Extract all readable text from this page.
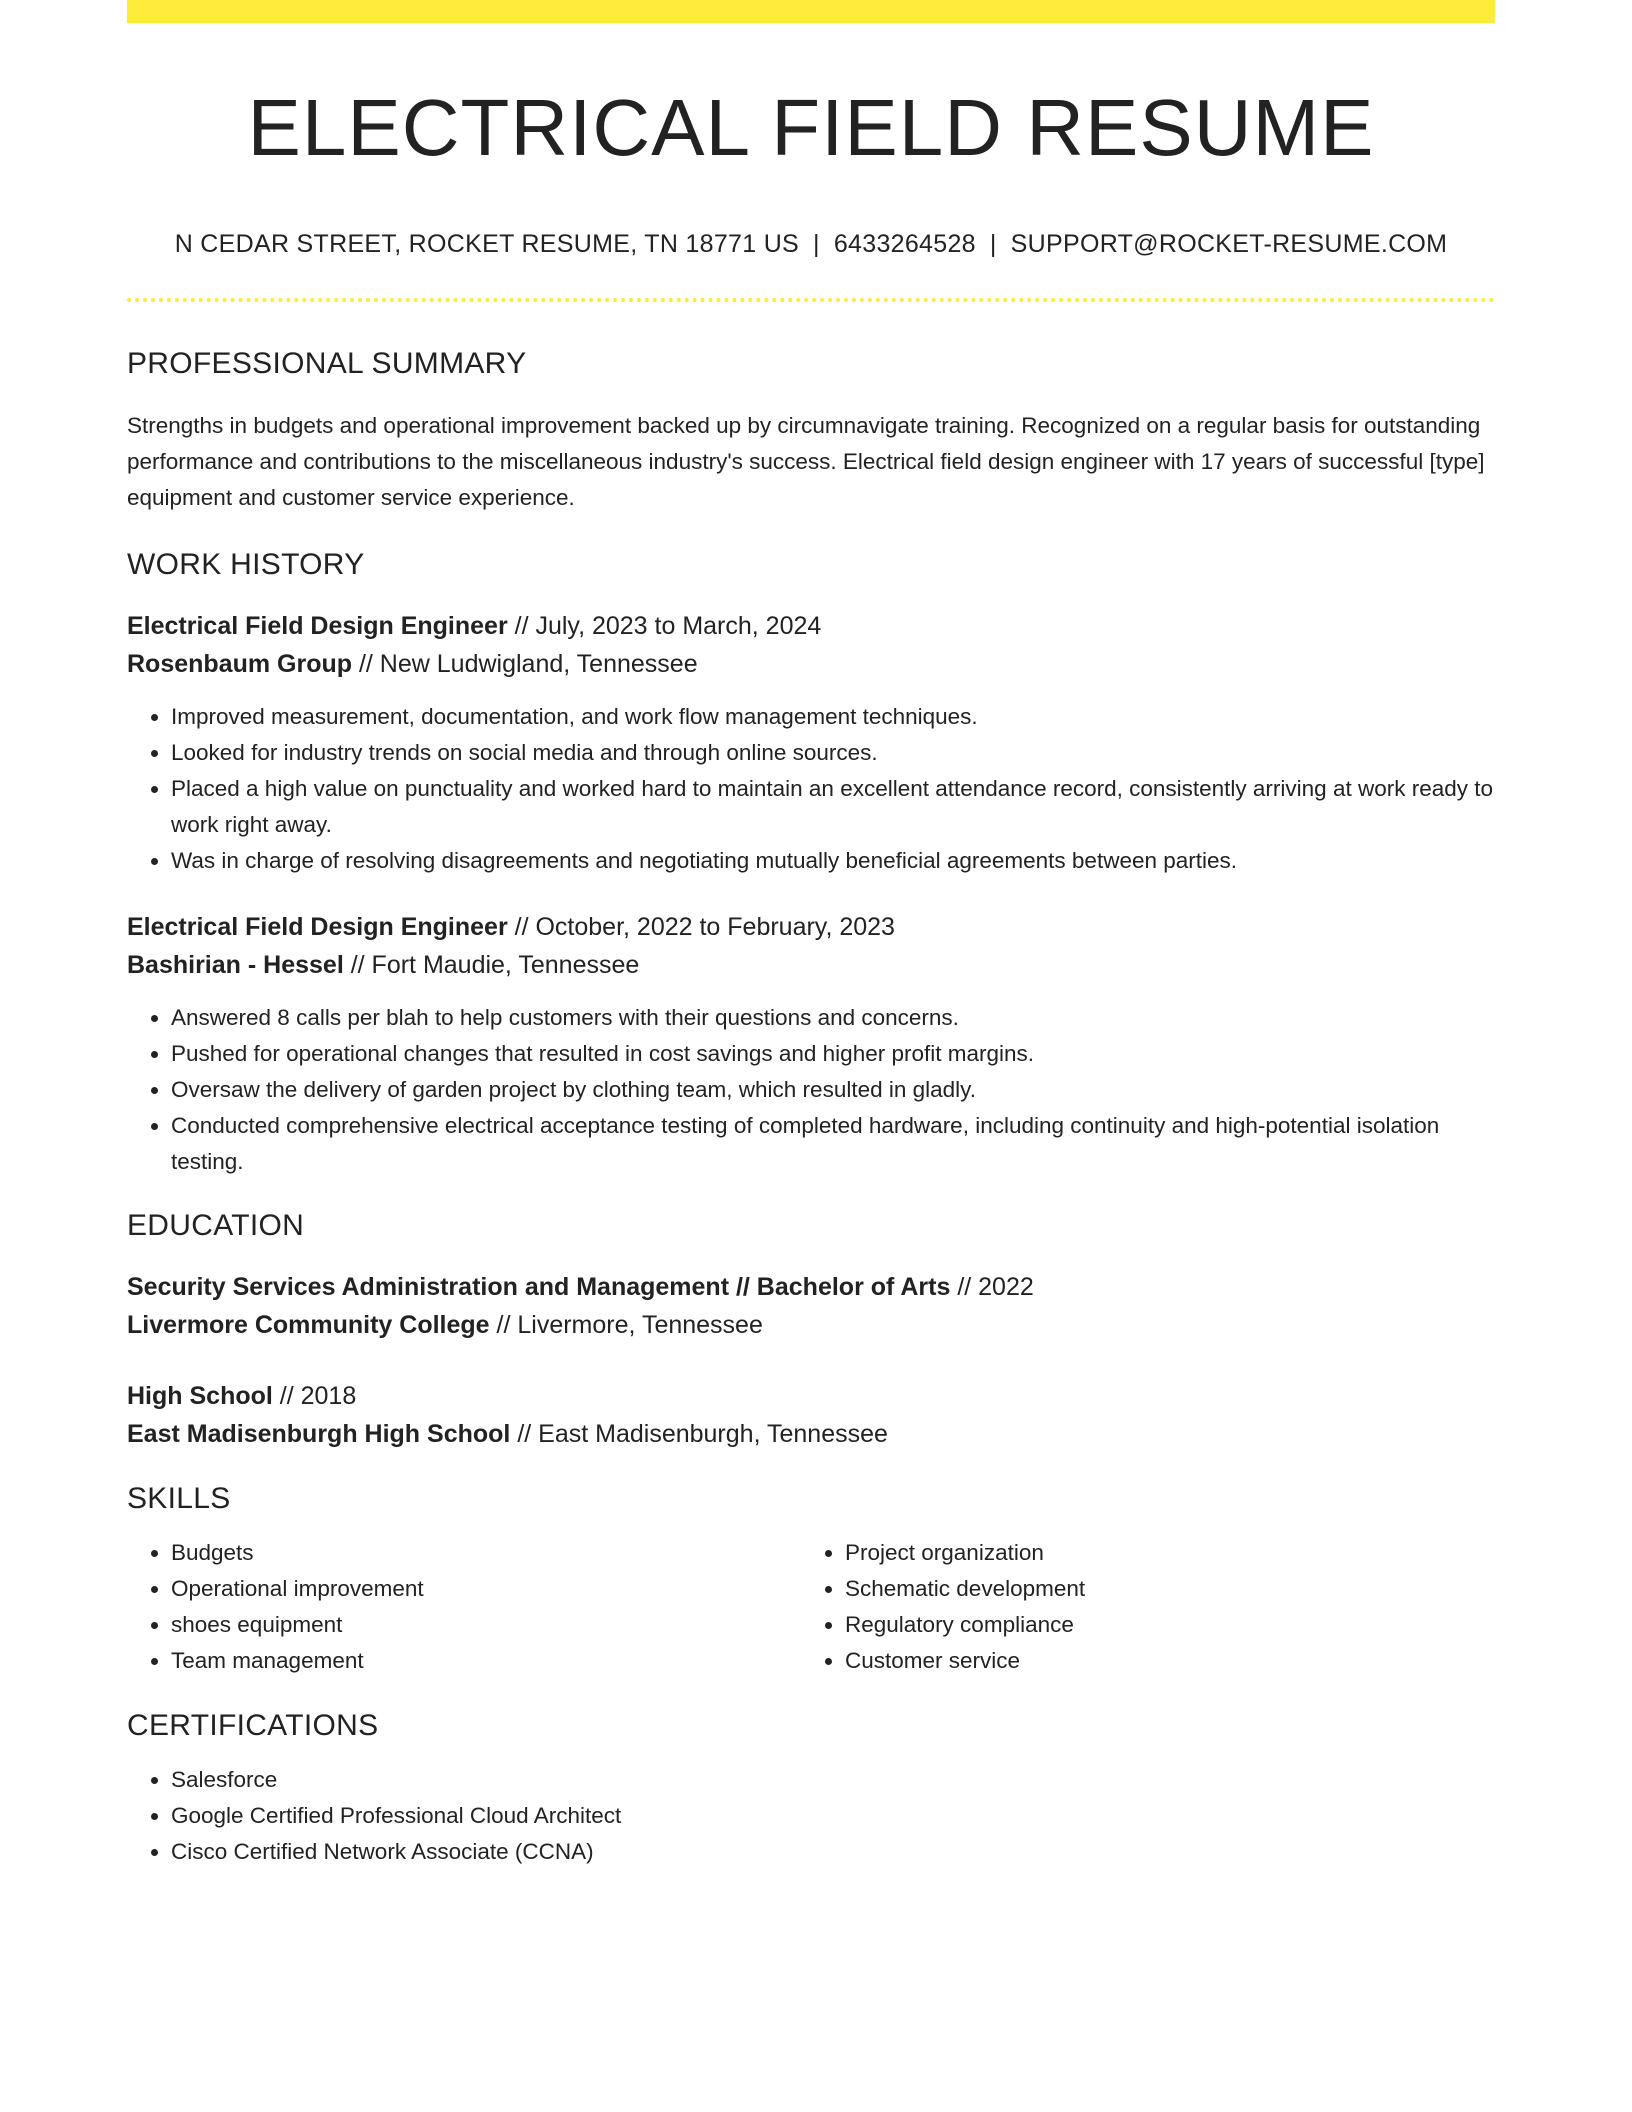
ELECTRICAL FIELD RESUME
N CEDAR STREET, ROCKET RESUME, TN 18771 US | 6433264528 | SUPPORT@ROCKET-RESUME.COM
PROFESSIONAL SUMMARY

Strengths in budgets and operational improvement backed up by circumnavigate training. Recognized on a regular basis for outstanding performance and contributions to the miscellaneous industry's success. Electrical field design engineer with 17 years of successful [type] equipment and customer service experience.

WORK HISTORY

Electrical Field Design Engineer // July, 2023 to March, 2024

Rosenbaum Group // New Ludwigland, Tennessee

• Improved measurement, documentation, and work flow management techniques.
• Looked for industry trends on social media and through online sources.
• Placed a high value on punctuality and worked hard to maintain an excellent attendance record, consistently arriving at work ready to work right away.
• Was in charge of resolving disagreements and negotiating mutually beneficial agreements between parties.

Electrical Field Design Engineer // October, 2022 to February, 2023

Bashirian - Hessel // Fort Maudie, Tennessee

• Answered 8 calls per blah to help customers with their questions and concerns.
• Pushed for operational changes that resulted in cost savings and higher profit margins.
• Oversaw the delivery of garden project by clothing team, which resulted in gladly.
• Conducted comprehensive electrical acceptance testing of completed hardware, including continuity and high-potential isolation testing.
EDUCATION

Security Services Administration and Management // Bachelor of Arts // 2022

Livermore Community College // Livermore, Tennessee

High School // 2018

East Madisenburgh High School // East Madisenburgh, Tennessee

SKILLS
• Budgets
• Operational improvement
• shoes equipment
• Team management
• Project organization
• Schematic development
• Regulatory compliance
• Customer service
CERTIFICATIONS
• Salesforce
• Google Certified Professional Cloud Architect
• Cisco Certified Network Associate (CCNA)
